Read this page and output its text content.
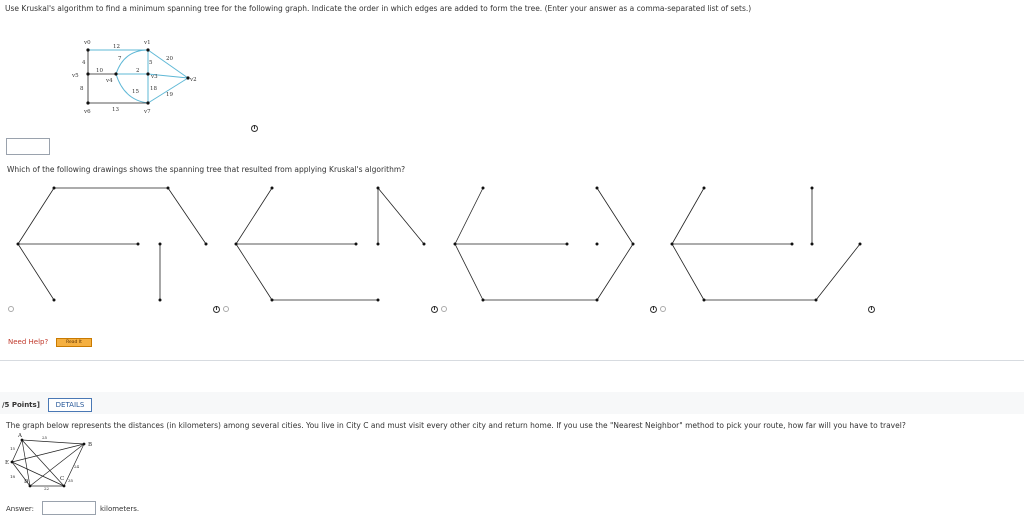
Use Kruskal's algorithm to find a minimum spanning tree for the following graph. Indicate the order in which edges are added to form the tree. (Enter your answer as a comma-separated list of sets.)
v0	v1
v2
v3
v4
v5
v6	v7
12
20
4
7
10	2
5
8	15 18
19
13
i
Which of the following drawings shows the spanning tree that resulted from applying Kruskal's algorithm?
i	i	i	i
Need Help?	Read It
/5 Points]	DETAILS
The graph below represents the distances (in kilometers) among several cities. You live in City C and must visit every other city and return home. If you use the "Nearest Neighbor" method to pick your route, how far will you have to travel?
A
B
C
D
E
25
15
18
24
22
35
Answer:	kilometers.
